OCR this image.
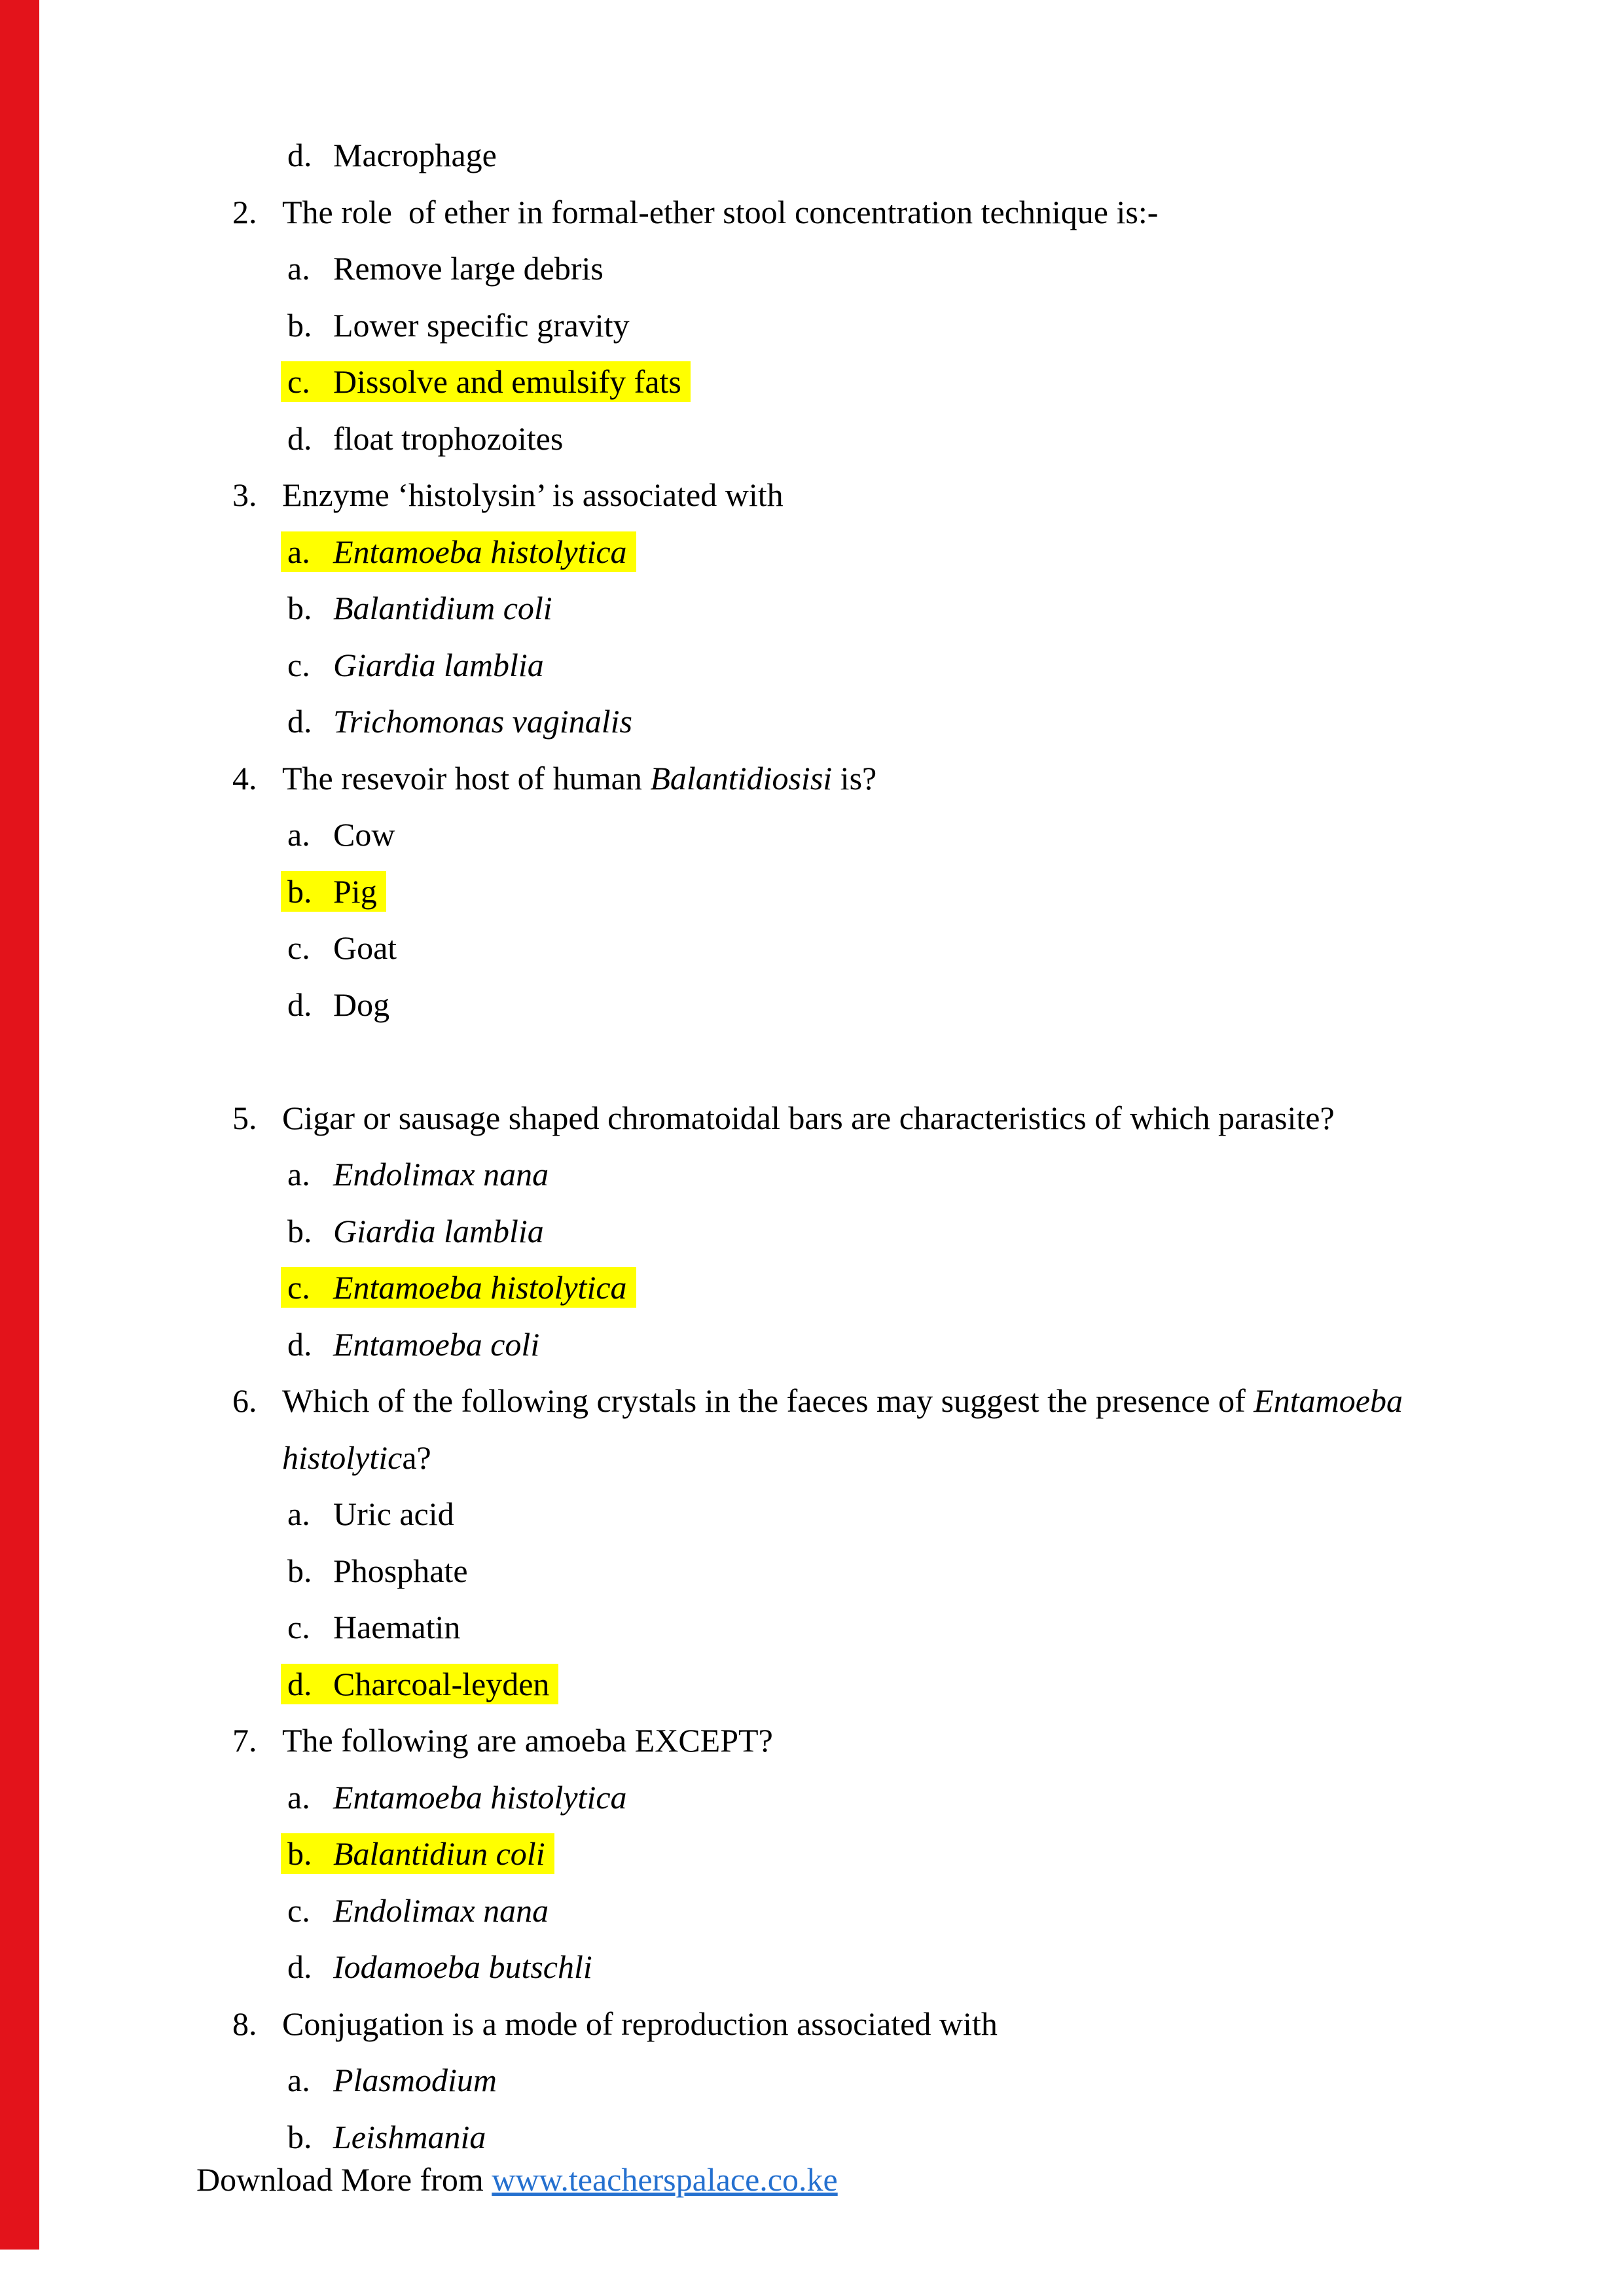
d. Macrophage
2. The role  of ether in formal-ether stool concentration technique is:-
a. Remove large debris
b. Lower specific gravity
c. Dissolve and emulsify fats
d. float trophozoites
3. Enzyme ‘histolysin’ is associated with
a. Entamoeba histolytica
b. Balantidium coli
c. Giardia lamblia
d. Trichomonas vaginalis
4. The resevoir host of human Balantidiosisi is?
a. Cow
b. Pig
c. Goat
d. Dog
5. Cigar or sausage shaped chromatoidal bars are characteristics of which parasite?
a. Endolimax nana
b. Giardia lamblia
c. Entamoeba histolytica
d. Entamoeba coli
6. Which of the following crystals in the faeces may suggest the presence of Entamoeba
histolytica?
a. Uric acid
b. Phosphate
c. Haematin
d. Charcoal-leyden
7. The following are amoeba EXCEPT?
a. Entamoeba histolytica
b. Balantidiun coli
c. Endolimax nana
d. Iodamoeba butschli
8. Conjugation is a mode of reproduction associated with
a. Plasmodium
b. Leishmania
Download More from www.teacherspalace.co.ke
